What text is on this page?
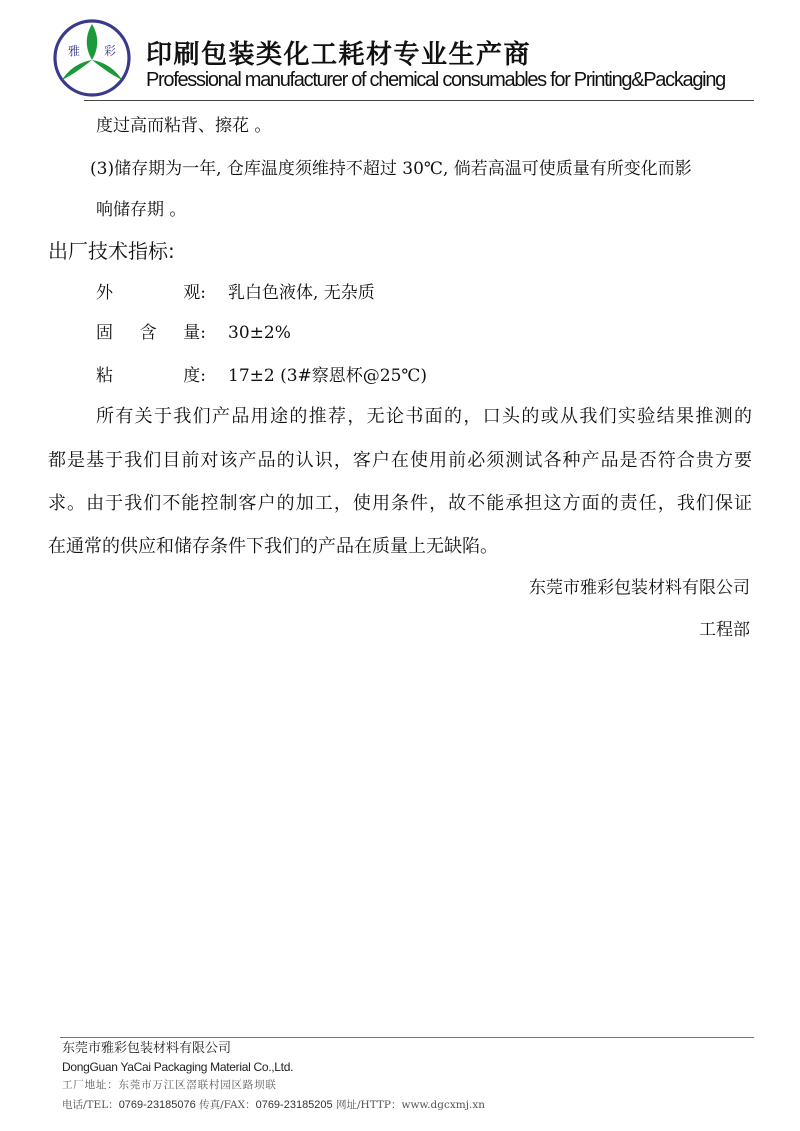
雅 彩 印刷包装类化工耗材专业生产商
Professional manufacturer of chemical consumables for Printing&Packaging
度过高而粘背、擦花 。
(3)储存期为一年, 仓库温度须维持不超过 30℃, 倘若高温可使质量有所变化而影
响储存期 。
出厂技术指标:
外	观: 乳白色液体, 无杂质
固 含 量: 30±2%
粘	度: 17±2 (3#察恩杯@25℃)
所有关于我们产品用途的推荐，无论书面的，口头的或从我们实验结果推测的
都是基于我们目前对该产品的认识，客户在使用前必须测试各种产品是否符合贵方要
求。由于我们不能控制客户的加工，使用条件，故不能承担这方面的责任，我们保证
在通常的供应和储存条件下我们的产品在质量上无缺陷。
东莞市雅彩包装材料有限公司
工程部
东莞市雅彩包装材料有限公司
DongGuan YaCai Packaging Material Co.,Ltd.
工厂地址：东莞市万江区滘联村园区路坝联
电话/TEL：0769-23185076 传真/FAX：0769-23185205 网址/HTTP：www.dgcxmj.xn
